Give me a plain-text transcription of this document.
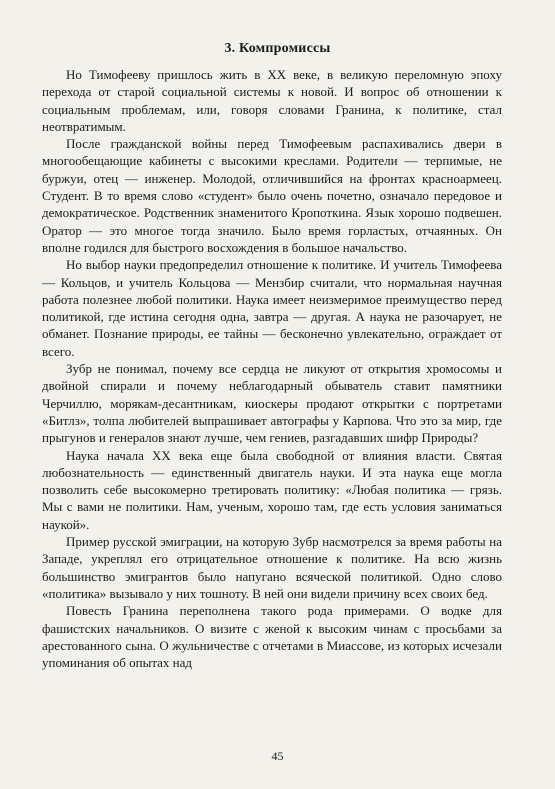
3. Компромиссы

Но Тимофееву пришлось жить в XX веке, в великую переломную эпоху перехода от старой социальной системы к новой. И вопрос об отношении к социальным проблемам, или, говоря словами Гранина, к политике, стал неотвратимым.

После гражданской войны перед Тимофеевым распахивались двери в многообещающие кабинеты с высокими креслами. Родители — терпимые, не буржуи, отец — инженер. Молодой, отличившийся на фронтах красноармеец. Студент. В то время слово «студент» было очень почетно, означало передовое и демократическое. Родственник знаменитого Кропоткина. Язык хорошо подвешен. Оратор — это многое тогда значило. Было время горластых, отчаянных. Он вполне годился для быстрого восхождения в большое начальство.

Но выбор науки предопределил отношение к политике. И учитель Тимофеева — Кольцов, и учитель Кольцова — Мензбир считали, что нормальная научная работа полезнее любой политики. Наука имеет неизмеримое преимущество перед политикой, где истина сегодня одна, завтра — другая. А наука не разочарует, не обманет. Познание природы, ее тайны — бесконечно увлекательно, ограждает от всего.

Зубр не понимал, почему все сердца не ликуют от открытия хромосомы и двойной спирали и почему неблагодарный обыватель ставит памятники Черчиллю, морякам-десантникам, киоскеры продают открытки с портретами «Битлз», толпа любителей выпрашивает автографы у Карпова. Что это за мир, где прыгунов и генералов знают лучше, чем гениев, разгадавших шифр Природы?

Наука начала XX века еще была свободной от влияния власти. Святая любознательность — единственный двигатель науки. И эта наука еще могла позволить себе высокомерно третировать политику: «Любая политика — грязь. Мы с вами не политики. Нам, ученым, хорошо там, где есть условия заниматься наукой».

Пример русской эмиграции, на которую Зубр насмотрелся за время работы на Западе, укреплял его отрицательное отношение к политике. На всю жизнь большинство эмигрантов было напугано всяческой политикой. Одно слово «политика» вызывало у них тошноту. В ней они видели причину всех своих бед.

Повесть Гранина переполнена такого рода примерами. О водке для фашистских начальников. О визите с женой к высоким чинам с просьбами за арестованного сына. О жульничестве с отчетами в Миассове, из которых исчезали упоминания об опытах над

45
